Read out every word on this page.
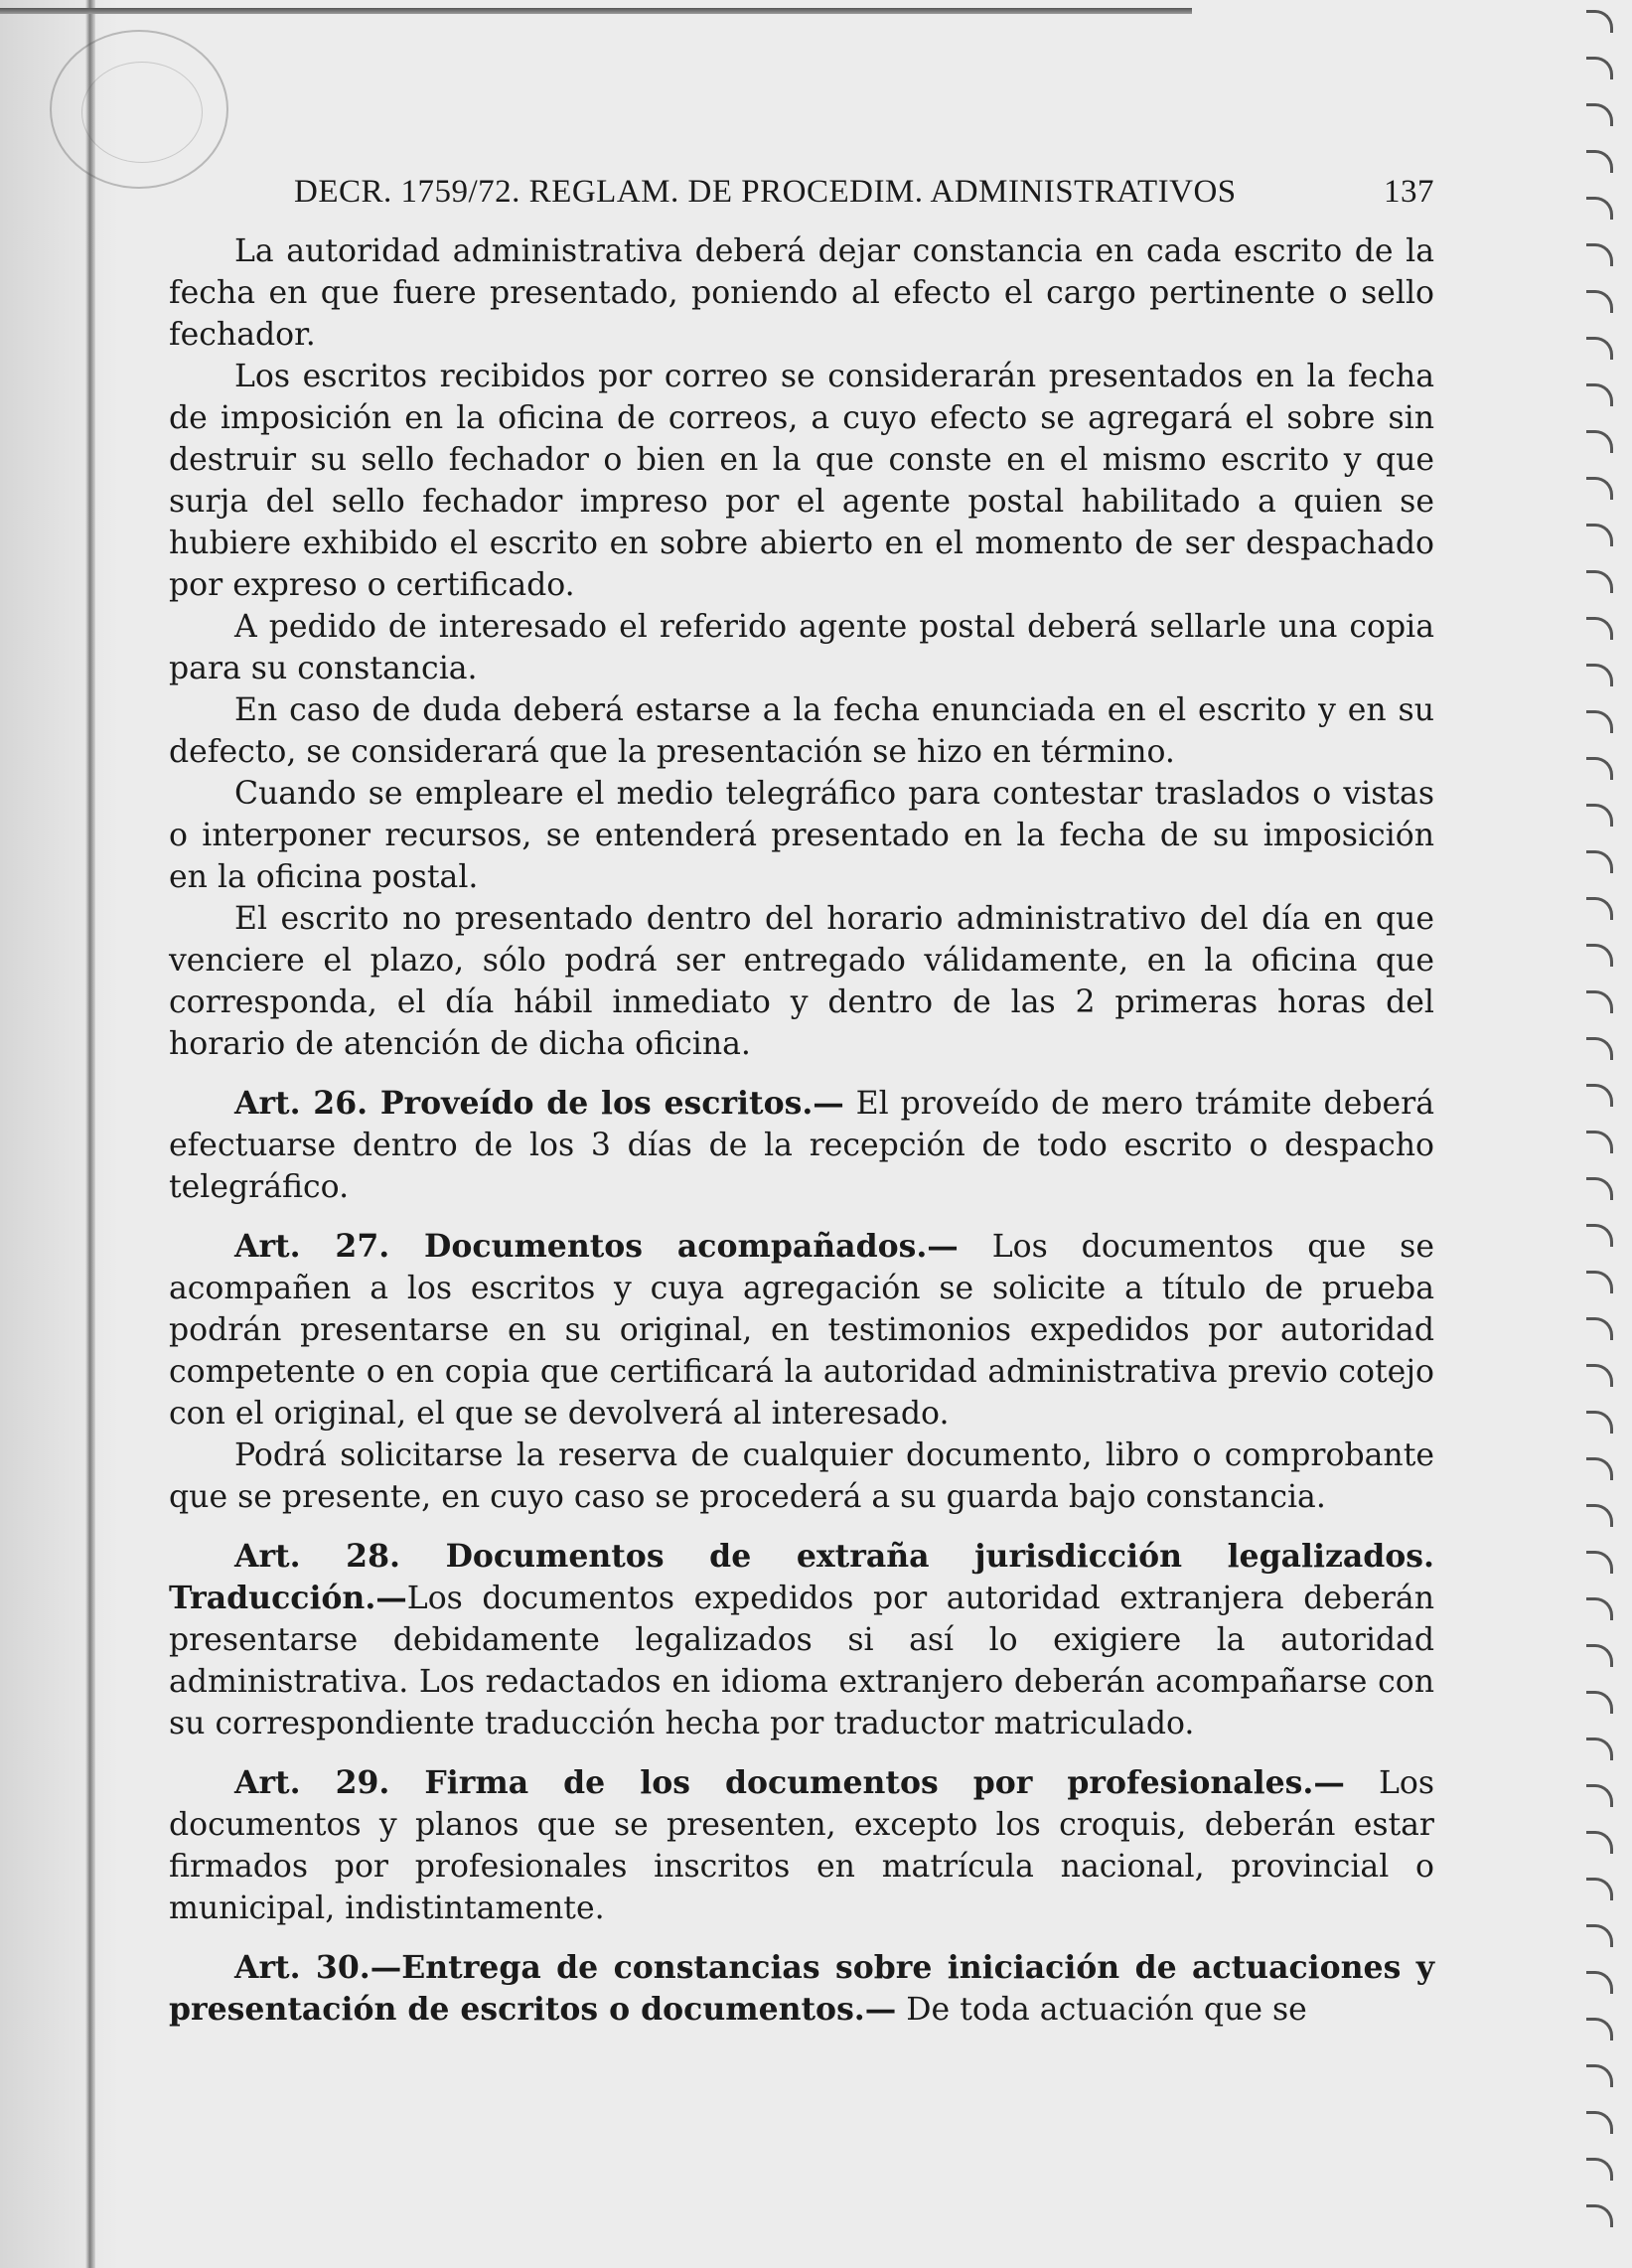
DECR. 1759/72. REGLAM. DE PROCEDIM. ADMINISTRATIVOS	137

La autoridad administrativa deberá dejar constancia en cada escrito de la fecha en que fuere presentado, poniendo al efecto el cargo pertinente o sello fechador.

Los escritos recibidos por correo se considerarán presentados en la fecha de imposición en la oficina de correos, a cuyo efecto se agregará el sobre sin destruir su sello fechador o bien en la que conste en el mismo escrito y que surja del sello fechador impreso por el agente postal habilitado a quien se hubiere exhibido el escrito en sobre abierto en el momento de ser despachado por expreso o certificado.

A pedido de interesado el referido agente postal deberá sellarle una copia para su constancia.

En caso de duda deberá estarse a la fecha enunciada en el escrito y en su defecto, se considerará que la presentación se hizo en término.

Cuando se empleare el medio telegráfico para contestar traslados o vistas o interponer recursos, se entenderá presentado en la fecha de su imposición en la oficina postal.

El escrito no presentado dentro del horario administrativo del día en que venciere el plazo, sólo podrá ser entregado válidamente, en la oficina que corresponda, el día hábil inmediato y dentro de las 2 primeras horas del horario de atención de dicha oficina.

Art. 26. Proveído de los escritos.— El proveído de mero trámite deberá efectuarse dentro de los 3 días de la recepción de todo escrito o despacho telegráfico.

Art. 27. Documentos acompañados.— Los documentos que se acompañen a los escritos y cuya agregación se solicite a título de prueba podrán presentarse en su original, en testimonios expedidos por autoridad competente o en copia que certificará la autoridad administrativa previo cotejo con el original, el que se devolverá al interesado.

Podrá solicitarse la reserva de cualquier documento, libro o comprobante que se presente, en cuyo caso se procederá a su guarda bajo constancia.

Art. 28. Documentos de extraña jurisdicción legalizados. Traducción.—Los documentos expedidos por autoridad extranjera deberán presentarse debidamente legalizados si así lo exigiere la autoridad administrativa. Los redactados en idioma extranjero deberán acompañarse con su correspondiente traducción hecha por traductor matriculado.

Art. 29. Firma de los documentos por profesionales.— Los documentos y planos que se presenten, excepto los croquis, deberán estar firmados por profesionales inscritos en matrícula nacional, provincial o municipal, indistintamente.

Art. 30.—Entrega de constancias sobre iniciación de actuaciones y presentación de escritos o documentos.— De toda actuación que se
